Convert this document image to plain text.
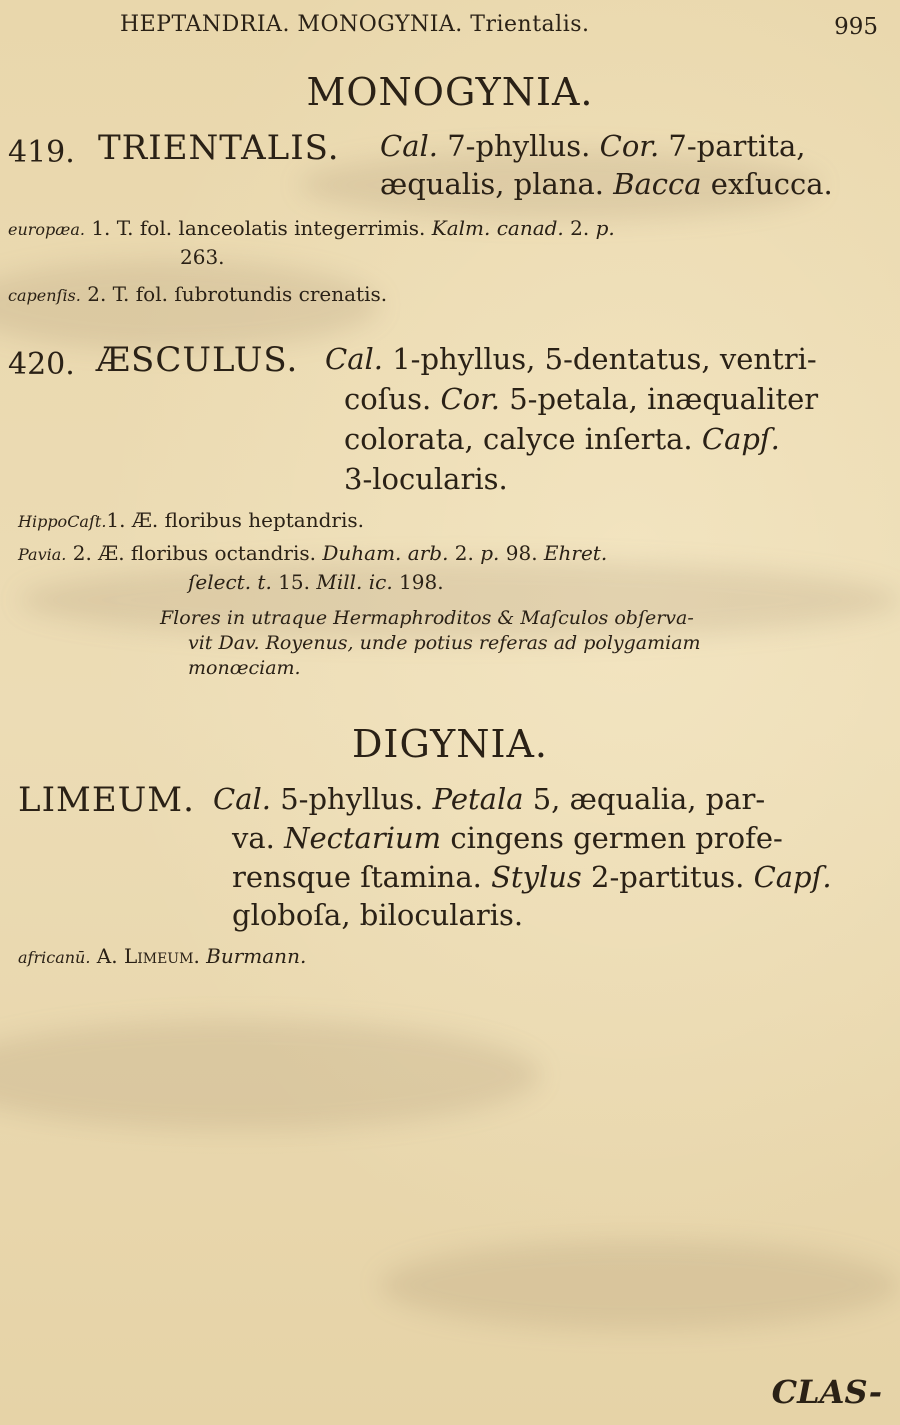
HEPTANDRIA. MONOGYNIA. Trientalis.	995
MONOGYNIA.
419. TRIENTALIS. Cal. 7-phyllus. Cor. 7-partita,
æqualis, plana. Bacca exſucca.
europæa. 1. T. fol. lanceolatis integerrimis. Kalm. canad. 2. p.
263.
capenſis. 2. T. fol. ſubrotundis crenatis.
420. ÆSCULUS. Cal. 1-phyllus, 5-dentatus, ventri-
coſus. Cor. 5-petala, inæqualiter
colorata, calyce inſerta. Capſ.
3-locularis.
HippoCaſt.1. Æ. floribus heptandris.
Pavia. 2. Æ. floribus octandris. Duham. arb. 2. p. 98. Ehret.
ſelect. t. 15. Mill. ic. 198.
Flores in utraque Hermaphroditos & Maſculos obſerva-
vit Dav. Royenus, unde potius referas ad polygamiam
monœciam.
DIGYNIA.
LIMEUM. Cal. 5-phyllus. Petala 5, æqualia, par-
va. Nectarium cingens germen profe-
rensque ſtamina. Stylus 2-partitus. Capſ.
globoſa, bilocularis.
africanū. A. Limeum. Burmann.
CLAS-
